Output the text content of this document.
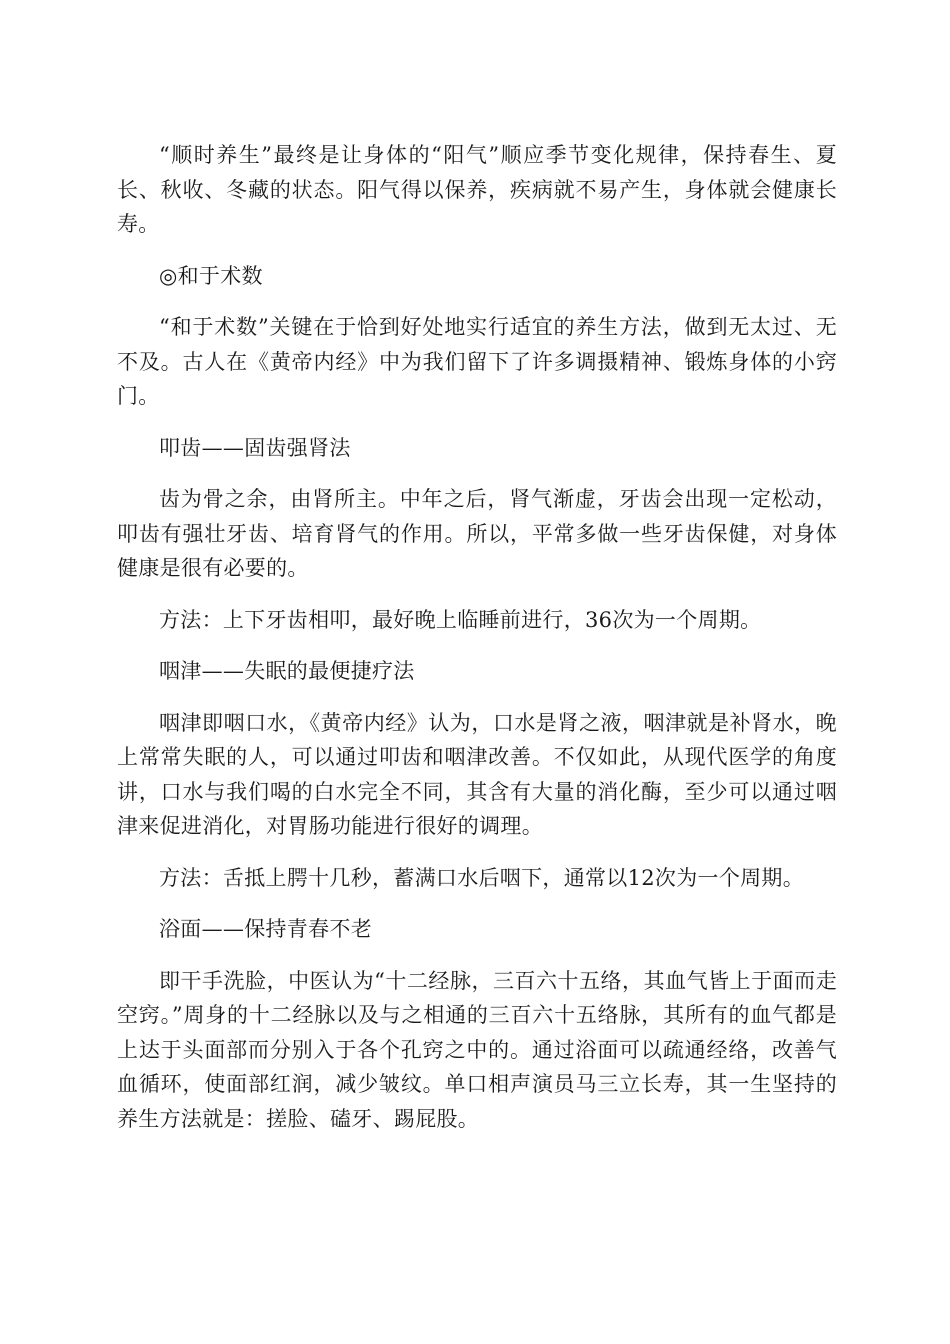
“顺时养生”最终是让身体的“阳气”顺应季节变化规律，保持春生、夏长、秋收、冬藏的状态。阳气得以保养，疾病就不易产生，身体就会健康长寿。

◎和于术数

“和于术数”关键在于恰到好处地实行适宜的养生方法，做到无太过、无不及。古人在《黄帝内经》中为我们留下了许多调摄精神、锻炼身体的小窍门。

叩齿——固齿强肾法

齿为骨之余，由肾所主。中年之后，肾气渐虚，牙齿会出现一定松动，叩齿有强壮牙齿、培育肾气的作用。所以，平常多做一些牙齿保健，对身体健康是很有必要的。

方法：上下牙齿相叩，最好晚上临睡前进行，36次为一个周期。

咽津——失眠的最便捷疗法

咽津即咽口水，《黄帝内经》认为，口水是肾之液，咽津就是补肾水，晚上常常失眠的人，可以通过叩齿和咽津改善。不仅如此，从现代医学的角度讲，口水与我们喝的白水完全不同，其含有大量的消化酶，至少可以通过咽津来促进消化，对胃肠功能进行很好的调理。

方法：舌抵上腭十几秒，蓄满口水后咽下，通常以12次为一个周期。

浴面——保持青春不老

即干手洗脸，中医认为“十二经脉，三百六十五络，其血气皆上于面而走空窍。”周身的十二经脉以及与之相通的三百六十五络脉，其所有的血气都是上达于头面部而分别入于各个孔窍之中的。通过浴面可以疏通经络，改善气血循环，使面部红润，减少皱纹。单口相声演员马三立长寿，其一生坚持的养生方法就是：搓脸、磕牙、踢屁股。
